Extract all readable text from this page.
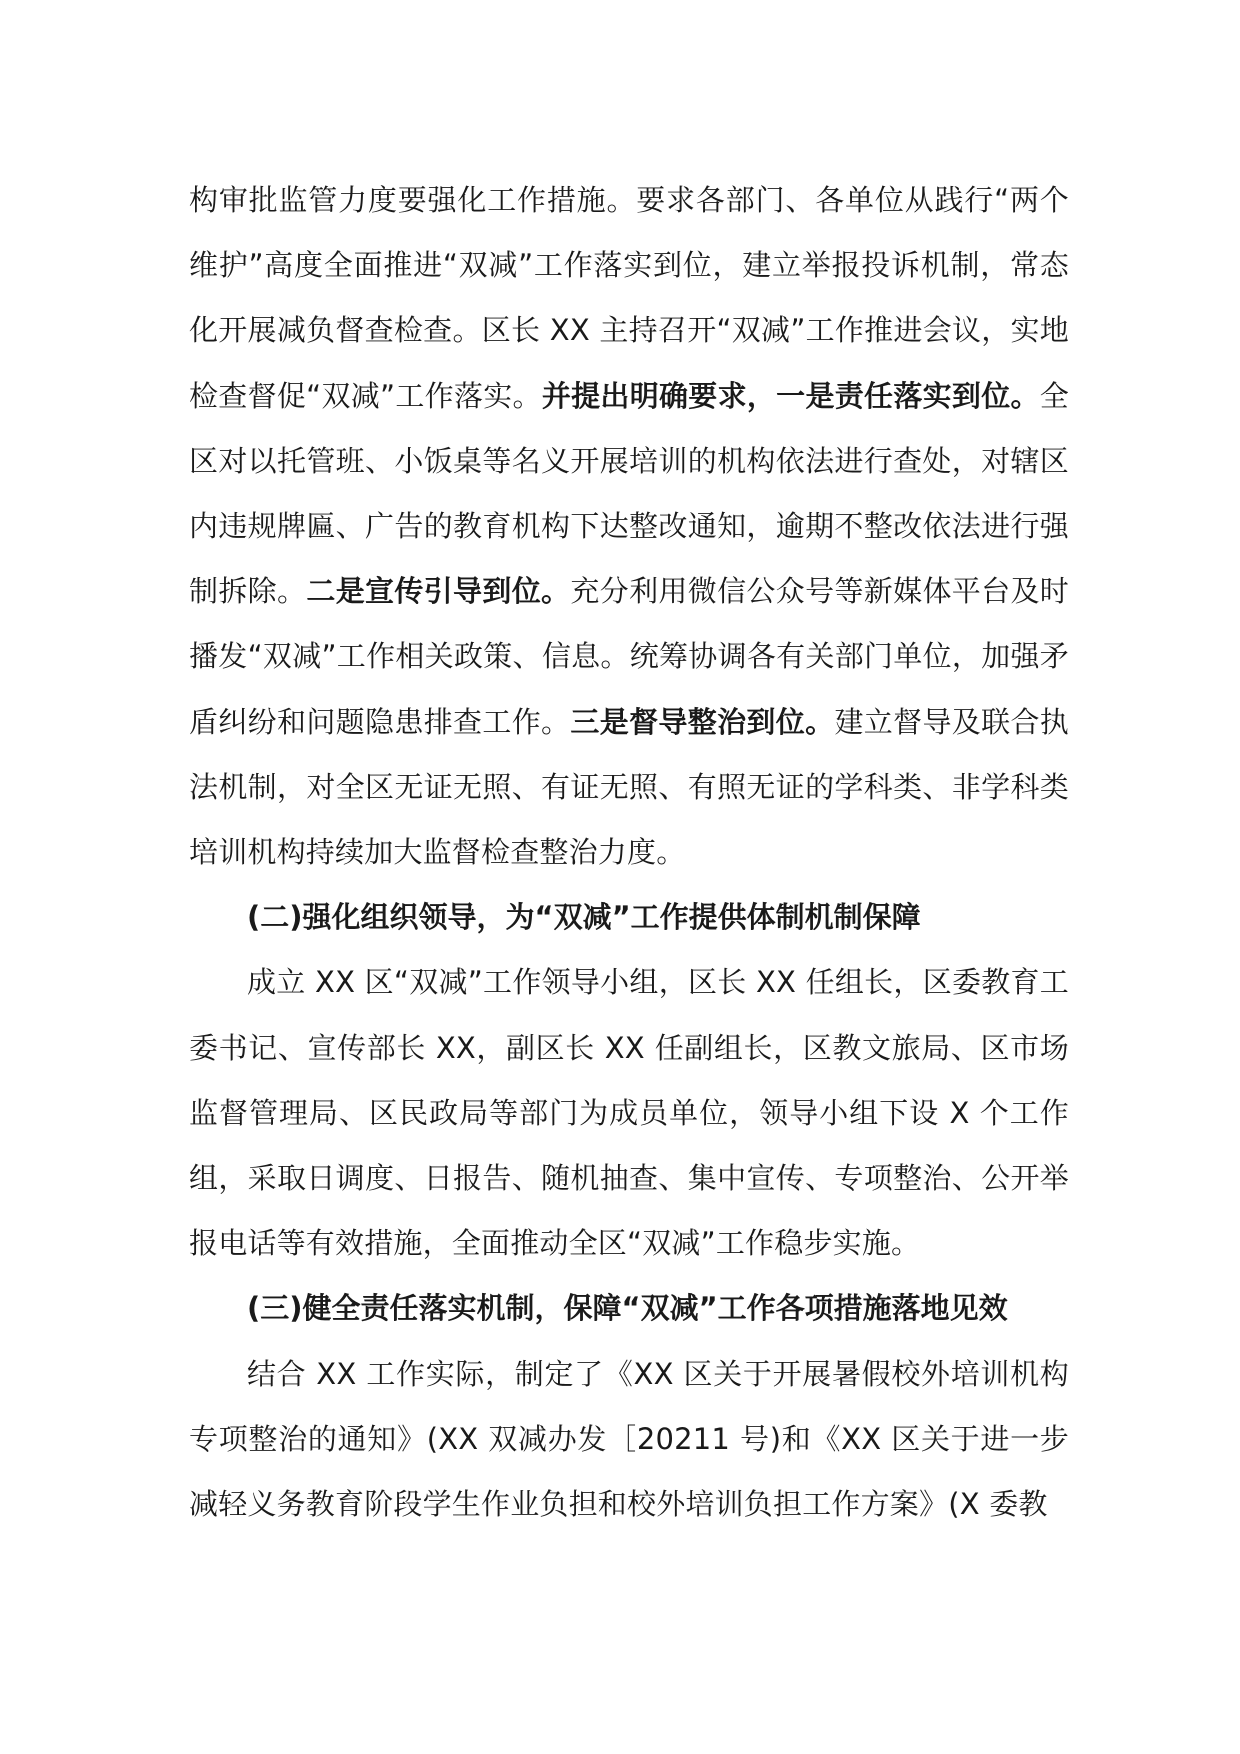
构审批监管力度要强化工作措施。要求各部门、各单位从践行“两个维护”高度全面推进“双减”工作落实到位，建立举报投诉机制，常态化开展减负督查检查。区长 XX 主持召开“双减”工作推进会议，实地检查督促“双减”工作落实。并提出明确要求，一是责任落实到位。全区对以托管班、小饭桌等名义开展培训的机构依法进行查处，对辖区内违规牌匾、广告的教育机构下达整改通知，逾期不整改依法进行强制拆除。二是宣传引导到位。充分利用微信公众号等新媒体平台及时播发“双减”工作相关政策、信息。统筹协调各有关部门单位，加强矛盾纠纷和问题隐患排查工作。三是督导整治到位。建立督导及联合执法机制，对全区无证无照、有证无照、有照无证的学科类、非学科类培训机构持续加大监督检查整治力度。

(二)强化组织领导，为“双减”工作提供体制机制保障

成立 XX 区“双减”工作领导小组，区长 XX 任组长，区委教育工委书记、宣传部长 XX，副区长 XX 任副组长，区教文旅局、区市场监督管理局、区民政局等部门为成员单位，领导小组下设 X 个工作组，采取日调度、日报告、随机抽查、集中宣传、专项整治、公开举报电话等有效措施，全面推动全区“双减”工作稳步实施。

(三)健全责任落实机制，保障“双减”工作各项措施落地见效

结合 XX 工作实际，制定了《XX 区关于开展暑假校外培训机构专项整治的通知》(XX 双减办发［20211 号)和《XX 区关于进一步减轻义务教育阶段学生作业负担和校外培训负担工作方案》(X 委教
